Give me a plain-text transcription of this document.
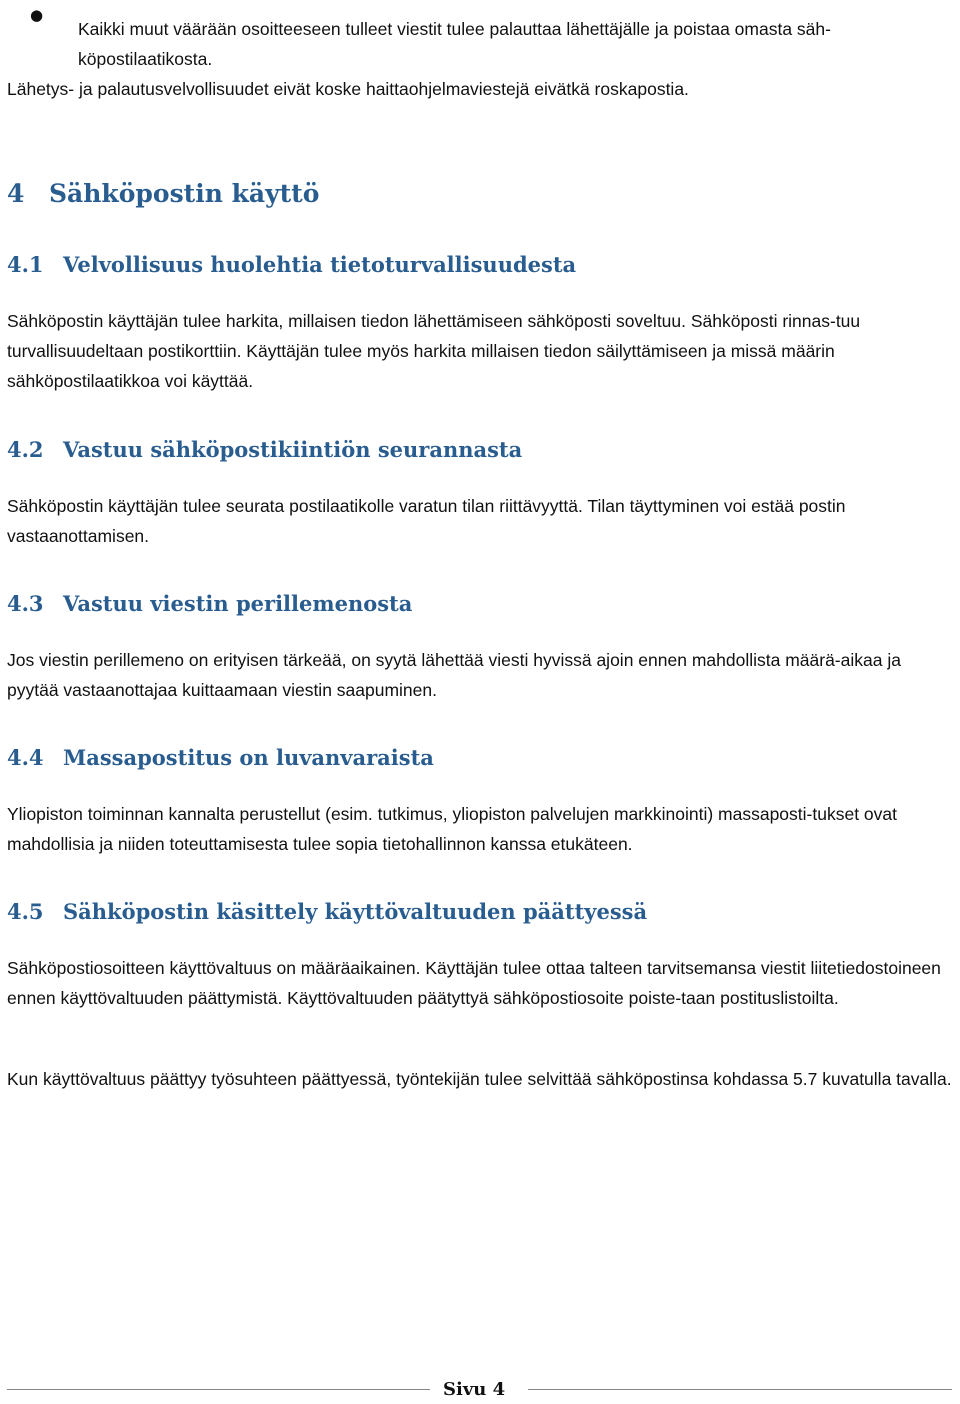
●

Kaikki muut väärään osoitteeseen tulleet viestit tulee palauttaa lähettäjälle ja poistaa omasta säh-köpostilaatikosta.

Lähetys- ja palautusvelvollisuudet eivät koske haittaohjelmaviestejä eivätkä roskapostia.

4 Sähköpostin käyttö
4.1 Velvollisuus huolehtia tietoturvallisuudesta

Sähköpostin käyttäjän tulee harkita, millaisen tiedon lähettämiseen sähköposti soveltuu. Sähköposti rinnas-tuu turvallisuudeltaan postikorttiin. Käyttäjän tulee myös harkita millaisen tiedon säilyttämiseen ja missä määrin sähköpostilaatikkoa voi käyttää.

4.2 Vastuu sähköpostikiintiön seurannasta

Sähköpostin käyttäjän tulee seurata postilaatikolle varatun tilan riittävyyttä. Tilan täyttyminen voi estää postin vastaanottamisen.

4.3 Vastuu viestin perillemenosta

Jos viestin perillemeno on erityisen tärkeää, on syytä lähettää viesti hyvissä ajoin ennen mahdollista määrä-aikaa ja pyytää vastaanottajaa kuittaamaan viestin saapuminen.

4.4 Massapostitus on luvanvaraista

Yliopiston toiminnan kannalta perustellut (esim. tutkimus, yliopiston palvelujen markkinointi) massaposti-tukset ovat mahdollisia ja niiden toteuttamisesta tulee sopia tietohallinnon kanssa etukäteen.

4.5 Sähköpostin käsittely käyttövaltuuden päättyessä

Sähköpostiosoitteen käyttövaltuus on määräaikainen. Käyttäjän tulee ottaa talteen tarvitsemansa viestit liitetiedostoineen ennen käyttövaltuuden päättymistä. Käyttövaltuuden päätyttyä sähköpostiosoite poiste-taan postituslistoilta.

Kun käyttövaltuus päättyy työsuhteen päättyessä, työntekijän tulee selvittää sähköpostinsa kohdassa 5.7 kuvatulla tavalla.

Sivu 4
